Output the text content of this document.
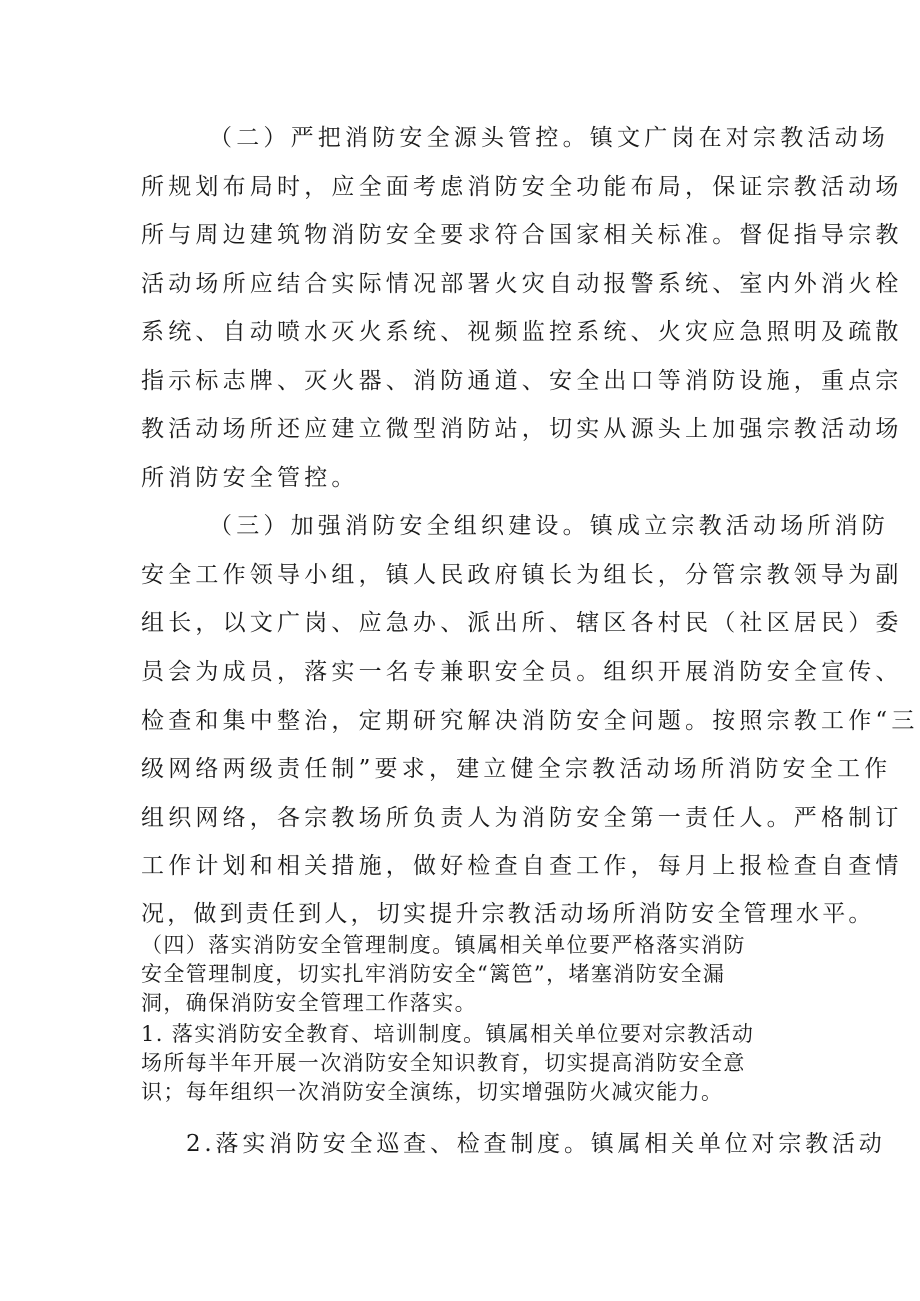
（二）严把消防安全源头管控。镇文广岗在对宗教活动场
所规划布局时，应全面考虑消防安全功能布局，保证宗教活动场
所与周边建筑物消防安全要求符合国家相关标准。督促指导宗教
活动场所应结合实际情况部署火灾自动报警系统、室内外消火栓
系统、自动喷水灭火系统、视频监控系统、火灾应急照明及疏散
指示标志牌、灭火器、消防通道、安全出口等消防设施，重点宗
教活动场所还应建立微型消防站，切实从源头上加强宗教活动场
所消防安全管控。
（三）加强消防安全组织建设。镇成立宗教活动场所消防
安全工作领导小组，镇人民政府镇长为组长，分管宗教领导为副
组长，以文广岗、应急办、派出所、辖区各村民（社区居民）委
员会为成员，落实一名专兼职安全员。组织开展消防安全宣传、
检查和集中整治，定期研究解决消防安全问题。按照宗教工作“三
级网络两级责任制”要求，建立健全宗教活动场所消防安全工作
组织网络，各宗教场所负责人为消防安全第一责任人。严格制订
工作计划和相关措施，做好检查自查工作，每月上报检查自查情
况，做到责任到人，切实提升宗教活动场所消防安全管理水平。
（四）落实消防安全管理制度。镇属相关单位要严格落实消防
安全管理制度，切实扎牢消防安全“篱笆”，堵塞消防安全漏
洞，确保消防安全管理工作落实。
1. 落实消防安全教育、培训制度。镇属相关单位要对宗教活动
场所每半年开展一次消防安全知识教育，切实提高消防安全意
识；每年组织一次消防安全演练，切实增强防火减灾能力。
2.落实消防安全巡查、检查制度。镇属相关单位对宗教活动
